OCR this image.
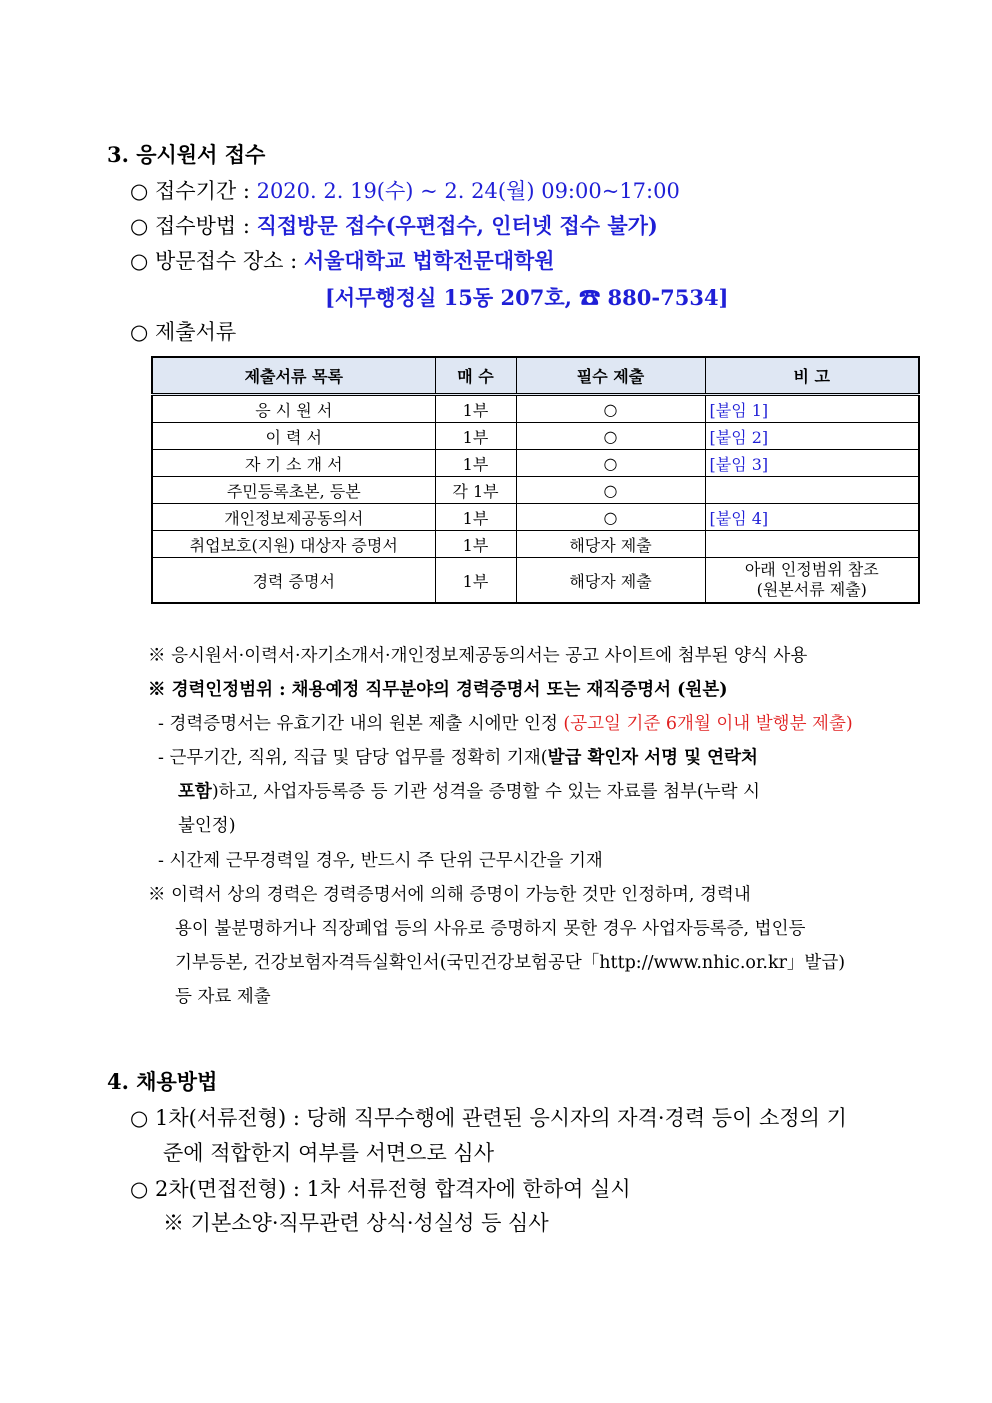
3. 응시원서 접수
○ 접수기간 : 2020. 2. 19(수) ~ 2. 24(월) 09:00~17:00
○ 접수방법 : 직접방문 접수(우편접수, 인터넷 접수 불가)
○ 방문접수 장소 : 서울대학교 법학전문대학원
[서무행정실 15동 207호, ☎ 880-7534]
○ 제출서류
제출서류 목록	매 수	필수 제출	비 고
응 시 원 서	1부	○	[붙임 1]
이 력 서	1부	○	[붙임 2]
자 기 소 개 서	1부	○	[붙임 3]
주민등록초본, 등본	각 1부	○	
개인정보제공동의서	1부	○	[붙임 4]
취업보호(지원) 대상자 증명서	1부	해당자 제출	
경력 증명서	1부	해당자 제출	아래 인정범위 참조
(원본서류 제출)
※ 응시원서·이력서·자기소개서·개인정보제공동의서는 공고 사이트에 첨부된 양식 사용
※ 경력인정범위 : 채용예정 직무분야의 경력증명서 또는 재직증명서 (원본)
- 경력증명서는 유효기간 내의 원본 제출 시에만 인정 (공고일 기준 6개월 이내 발행분 제출)
- 근무기간, 직위, 직급 및 담당 업무를 정확히 기재(발급 확인자 서명 및 연락처
포함)하고, 사업자등록증 등 기관 성격을 증명할 수 있는 자료를 첨부(누락 시
불인정)
- 시간제 근무경력일 경우, 반드시 주 단위 근무시간을 기재
※ 이력서 상의 경력은 경력증명서에 의해 증명이 가능한 것만 인정하며, 경력내
용이 불분명하거나 직장폐업 등의 사유로 증명하지 못한 경우 사업자등록증, 법인등
기부등본, 건강보험자격득실확인서(국민건강보험공단「http://www.nhic.or.kr」발급)
등 자료 제출
4. 채용방법
○ 1차(서류전형) : 당해 직무수행에 관련된 응시자의 자격·경력 등이 소정의 기
준에 적합한지 여부를 서면으로 심사
○ 2차(면접전형) : 1차 서류전형 합격자에 한하여 실시
※ 기본소양·직무관련 상식·성실성 등 심사
